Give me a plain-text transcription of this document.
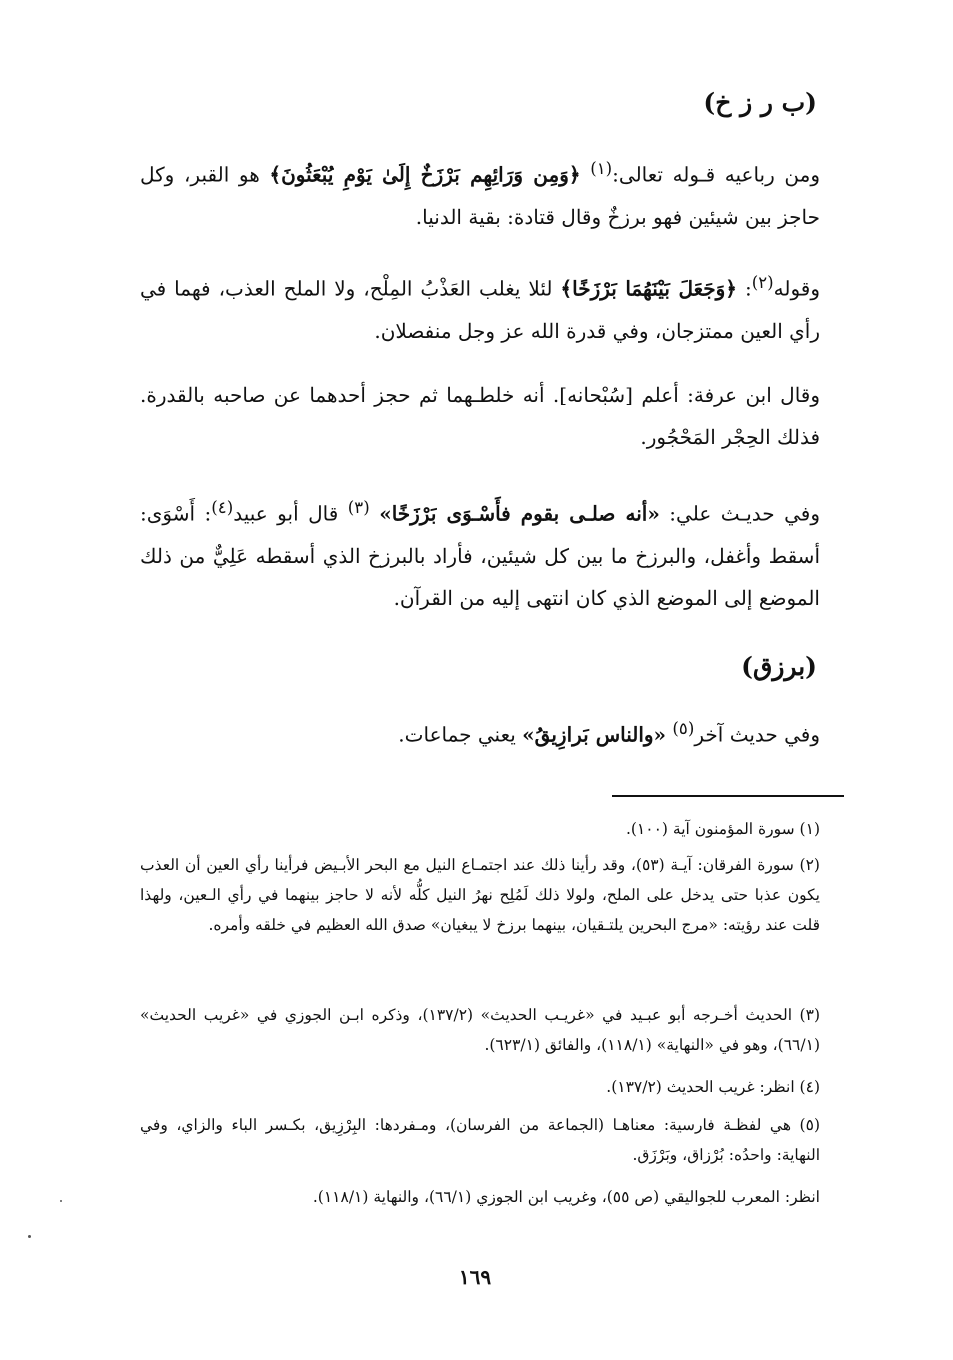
(ب ر ز خ)
ومن رباعيه قـوله تعالى:$^{(١)}$ ﴿وَمِن وَرَائِهِم بَرْزَخٌ إِلَىٰ يَوْمِ يُبْعَثُونَ﴾ هو القبر، وكل حاجز بين شيئين فهو برزخٌ وقال قتادة: بقية الدنيا.
وقوله$^{(٢)}$: ﴿وَجَعَلَ بَيْنَهُمَا بَرْزَخًا﴾ لئلا يغلب العَذْبُ المِلْح، ولا الملح العذب، فهما في رأي العين ممتزجان، وفي قدرة الله عز وجل منفصلان.
وقال ابن عرفة: أعلم [سُبْحانه]. أنه خلطـهما ثم حجز أحدهما عن صاحبه بالقدرة. فذلك الحِجْر المَحْجُور.
وفي حديـث علي: «أنه صلـى بقوم فأَسْـوَى بَرْزَخًا» $^{(٣)}$ قال أبو عبيد$^{(٤)}$: أَسْوَى: أسقط وأغفل، والبرزخ ما بين كل شيئين، فأراد بالبرزخ الذي أسقطه عَلِيٌّ من ذلك الموضع إلى الموضع الذي كان انتهى إليه من القرآن.
(برزق)
وفي حديث آخر$^{(٥)}$ «والناس بَرازِيقُ» يعني جماعات.
(١) سورة المؤمنون آية (١٠٠).
(٢) سورة الفرقان: آيـة (٥٣)، وقد رأينا ذلك عند اجتمـاع النيل مع البحر الأبـيض فرأينا رأي العين أن العذب يكون عذبا حتى يدخل على الملح، ولولا ذلك لَمُلِح نهرُ النيل كلُّه لأنه لا حاجز بينهما في رأي الـعين، ولهذا قلت عند رؤيته: «مرج البحرين يلتـقيان، بينهما برزخ لا يبغيان» صدق الله العظيم في خلقه وأمره.
(٣) الحديث أخـرجه أبو عبـيد في «غريـب الحديث» (١٣٧/٢)، وذكره ابـن الجوزي في «غريب الحديث» (٦٦/١)، وهو في «النهاية» (١١٨/١)، والفائق (٦٢٣/١).
(٤) انظر: غريب الحديث (١٣٧/٢).
(٥) هي لفظـة فارسية: معناهـا (الجماعة من الفرسان)، ومـفردها: البِرْزِيق، بكـسر الباء والزاي، وفي النهاية: واحدُه: بُرْزاق، وبَرْزَق.
انظر: المعرب للجواليقي (ص ٥٥)، وغريب ابن الجوزي (٦٦/١)، والنهاية (١١٨/١).
١٦٩
